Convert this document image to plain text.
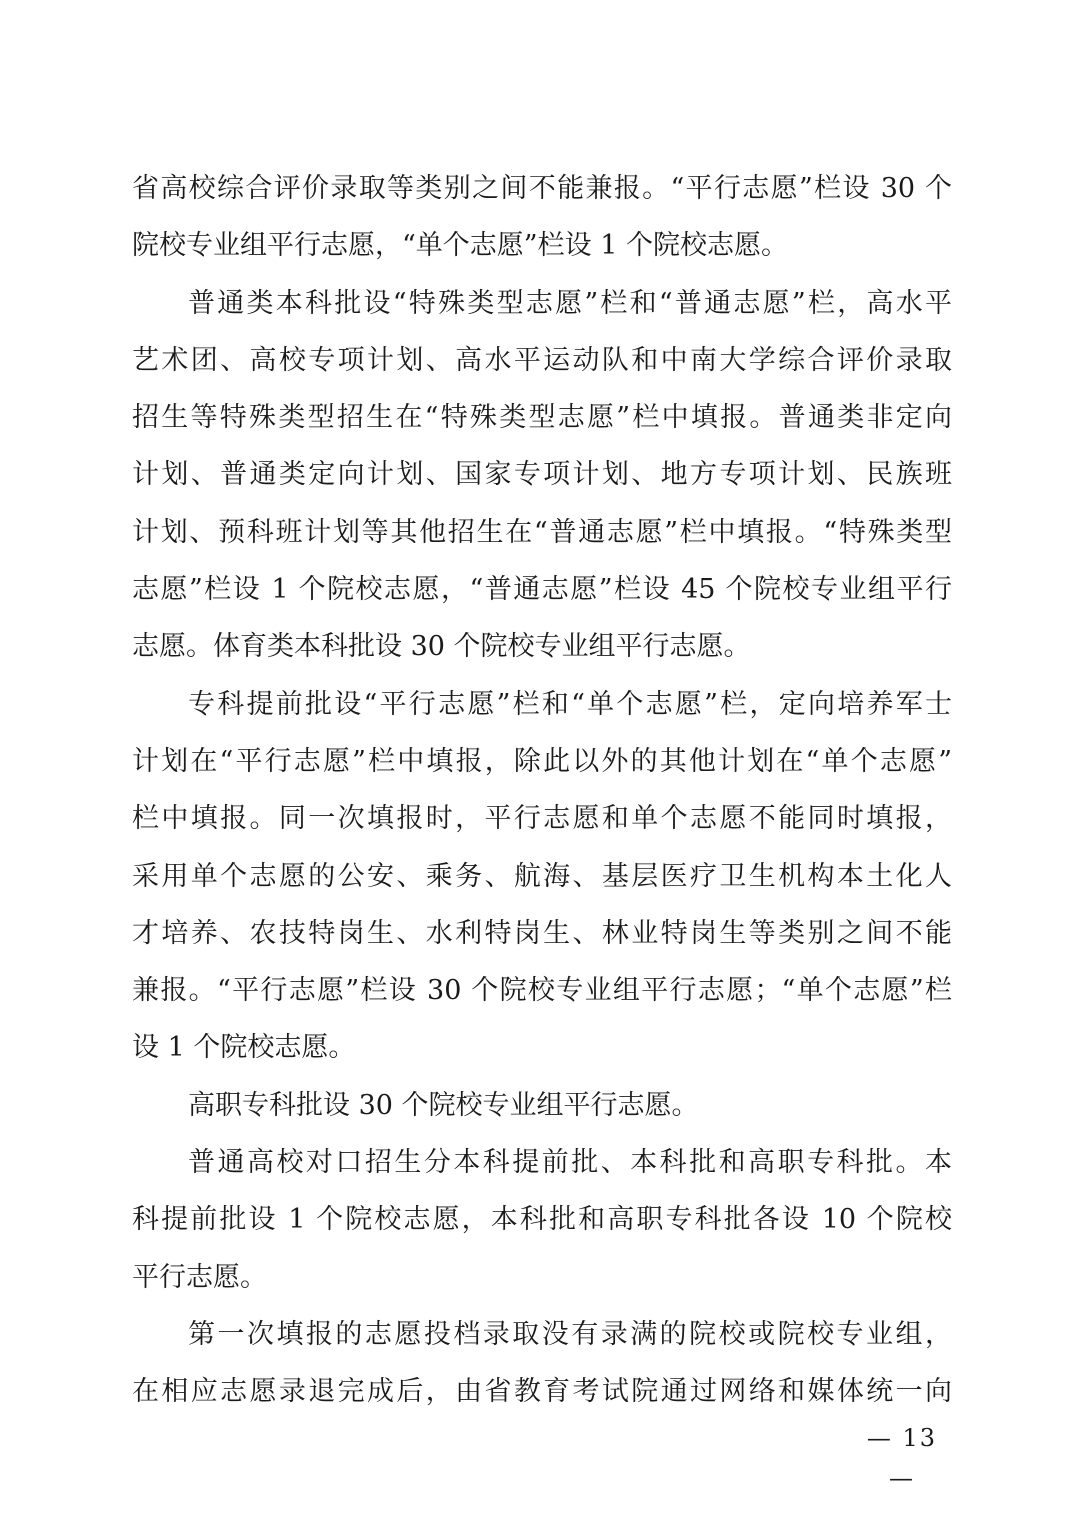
省高校综合评价录取等类别之间不能兼报。“平行志愿”栏设 30 个
院校专业组平行志愿，“单个志愿”栏设 1 个院校志愿。
普通类本科批设“特殊类型志愿”栏和“普通志愿”栏，高水平
艺术团、高校专项计划、高水平运动队和中南大学综合评价录取
招生等特殊类型招生在“特殊类型志愿”栏中填报。普通类非定向
计划、普通类定向计划、国家专项计划、地方专项计划、民族班
计划、预科班计划等其他招生在“普通志愿”栏中填报。“特殊类型
志愿”栏设 1 个院校志愿，“普通志愿”栏设 45 个院校专业组平行
志愿。体育类本科批设 30 个院校专业组平行志愿。
专科提前批设“平行志愿”栏和“单个志愿”栏，定向培养军士
计划在“平行志愿”栏中填报，除此以外的其他计划在“单个志愿”
栏中填报。同一次填报时，平行志愿和单个志愿不能同时填报，
采用单个志愿的公安、乘务、航海、基层医疗卫生机构本土化人
才培养、农技特岗生、水利特岗生、林业特岗生等类别之间不能
兼报。“平行志愿”栏设 30 个院校专业组平行志愿；“单个志愿”栏
设 1 个院校志愿。
高职专科批设 30 个院校专业组平行志愿。
普通高校对口招生分本科提前批、本科批和高职专科批。本
科提前批设 1 个院校志愿，本科批和高职专科批各设 10 个院校
平行志愿。
第一次填报的志愿投档录取没有录满的院校或院校专业组，
在相应志愿录退完成后，由省教育考试院通过网络和媒体统一向
— 13 —
